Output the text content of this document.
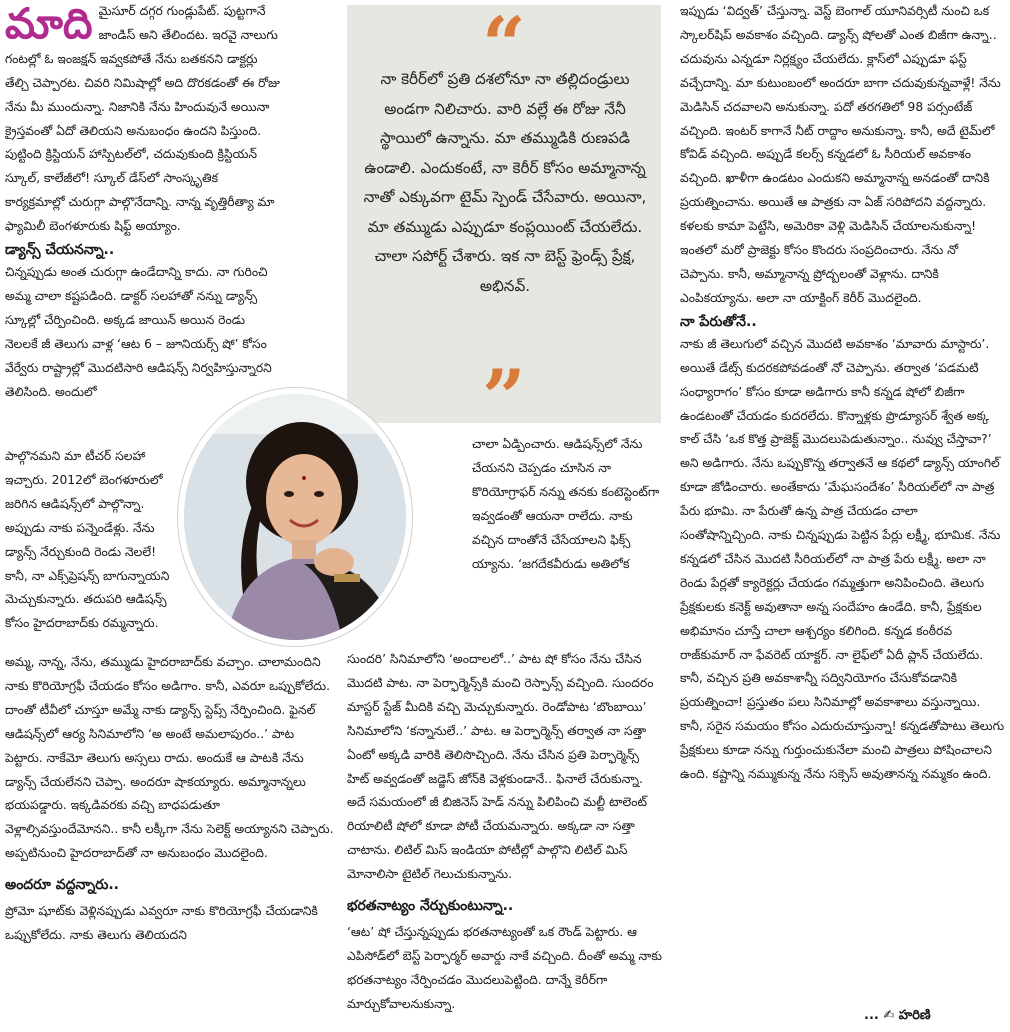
మాది మైసూర్ దగ్గర గుండ్లుపేట్. పుట్టగానే జాండిస్ అని తేలిందట. ఇరవై నాలుగు గంటల్లో ఓ ఇంజక్షన్ ఇవ్వకపోతే నేను బతకనని డాక్టర్లు తేల్చి చెప్పారట. చివరి నిమిషాల్లో అది దొరకడంతో ఈ రోజు నేను మీ ముందున్నా. నిజానికి నేను హిందువునే అయినా క్రైస్తవంతో ఏదో తెలియని అనుబంధం ఉందని పిస్తుంది. పుట్టింది క్రిస్టియన్ హాస్పిటల్‌లో, చదువుకుంది క్రిస్టియన్ స్కూల్, కాలేజీలో! స్కూల్ డేస్‌లో సాంస్కృతిక కార్యక్రమాల్లో చురుగ్గా పాల్గొనేదాన్ని. నాన్న వృత్తిరీత్యా మా ఫ్యామిలీ బెంగళూరుకు షిఫ్ట్ అయ్యాం.

డ్యాన్స్ చేయనన్నా..

చిన్నప్పుడు అంత చురుగ్గా ఉండేదాన్ని కాదు. నా గురించి అమ్మ చాలా కష్టపడింది. డాక్టర్ సలహాతో నన్ను డ్యాన్స్ స్కూల్లో చేర్పించింది. అక్కడ జాయిన్ అయిన రెండు నెలలకే జీ తెలుగు వాళ్ల ‘ఆట 6 – జూనియర్స్ షో’ కోసం వేర్వేరు రాష్ట్రాల్లో మొదటిసారి ఆడిషన్స్ నిర్వహిస్తున్నారని తెలిసింది. అందులో

పాల్గొనమని మా టీచర్ సలహా ఇచ్చారు. 2012లో బెంగళూరులో జరిగిన ఆడిషన్స్‌లో పాల్గొన్నా. అప్పుడు నాకు పన్నెండేళ్లు. నేను డ్యాన్స్ నేర్చుకుంది రెండు నెలలే! కానీ, నా ఎక్స్‌ప్రెషన్స్ బాగున్నాయని మెచ్చుకున్నారు. తదుపరి ఆడిషన్స్ కోసం హైదరాబాద్‌కు రమ్మన్నారు.

అమ్మ, నాన్న, నేను, తమ్ముడు హైదరాబాద్‌కు వచ్చాం. చాలామందిని నాకు కొరియోగ్రఫీ చేయడం కోసం అడిగాం. కానీ, ఎవరూ ఒప్పుకోలేదు. దాంతో టీవీలో చూస్తూ అమ్మే నాకు డ్యాన్స్ స్టెప్స్ నేర్పించింది. ఫైనల్ ఆడిషన్స్‌లో ఆర్య సినిమాలోని ‘అ అంటే అమలాపురం..’ పాట పెట్టారు. నాకేమో తెలుగు అస్సలు రాదు. అందుకే ఆ పాటకి నేను డ్యాన్స్ చేయలేనని చెప్పా. అందరూ షాకయ్యారు. అమ్మానాన్నలు భయపడ్డారు. ఇక్కడివరకు వచ్చి బాధపడుతూ వెళ్లాల్సివస్తుందేమోనని.. కానీ లక్కీగా నేను సెలెక్ట్ అయ్యానని చెప్పారు. అప్పటినుంచి హైదరాబాద్‌తో నా అనుబంధం మొదలైంది.

అందరూ వద్దన్నారు..

ప్రోమో షూట్‌కు వెళ్లినప్పుడు ఎవ్వరూ నాకు కొరియోగ్రఫీ చేయడానికి ఒప్పుకోలేదు. నాకు తెలుగు తెలియదని

“
నా కెరీర్‌లో ప్రతి దశలోనూ నా తల్లిదండ్రులు అండగా నిలిచారు. వారి వల్లే ఈ రోజు నేనీ స్థాయిలో ఉన్నాను. మా తమ్ముడికి రుణపడి ఉండాలి. ఎందుకంటే, నా కెరీర్ కోసం అమ్మానాన్న నాతో ఎక్కువగా టైమ్ స్పెండ్ చేసేవారు. అయినా, మా తమ్ముడు ఎప్పుడూ కంప్లయింట్ చేయలేదు. చాలా సపోర్ట్ చేశారు. ఇక నా బెస్ట్ ఫ్రెండ్స్ ప్రేక్ష, అభినవ్.
”
చాలా ఏడ్పించారు. ఆడిషన్స్‌లో నేను చేయనని చెప్పడం చూసిన నా కొరియోగ్రాఫర్ నన్ను తనకు కంటెస్టెంట్‌గా ఇవ్వడంతో ఆయనా రాలేదు. నాకు వచ్చిన దాంతోనే చేసేయాలని ఫిక్స్ య్యాను. ‘జగదేకవీరుడు అతిలోక

సుందరి’ సినిమాలోని ‘అందాలలో..’ పాట షో కోసం నేను చేసిన మొదటి పాట. నా పెర్ఫార్మెన్స్‌కి మంచి రెస్పాన్స్ వచ్చింది. సుందరం మాస్టర్ స్టేజ్ మీదికి వచ్చి మెచ్చుకున్నారు. రెండోపాట ‘బొంబాయి’ సినిమాలోని ‘కన్నానులే..’ పాట. ఆ పెర్ఫార్మెన్స్ తర్వాత నా సత్తా ఏంటో అక్కడి వారికి తెలిసొచ్చింది. నేను చేసిన ప్రతి పెర్ఫార్మెన్స్ హిట్ అవ్వడంతో జడ్జెస్ జోన్‌కి వెళ్లకుండానే.. ఫినాలే చేరుకున్నా. అదే సమయంలో జీ బిజినెస్ హెడ్ నన్ను పిలిపించి మల్టీ టాలెంట్ రియాలిటీ షోలో కూడా పోటీ చేయమన్నారు. అక్కడా నా సత్తా చాటాను. లిటిల్ మిస్ ఇండియా పోటీల్లో పాల్గొని లిటిల్ మిస్ మోనాలిసా టైటిల్ గెలుచుకున్నాను.

భరతనాట్యం నేర్చుకుంటున్నా..

‘ఆట’ షో చేస్తున్నప్పుడు భరతనాట్యంతో ఒక రౌండ్ పెట్టారు. ఆ ఎపిసోడ్‌లో బెస్ట్ పెర్ఫార్మర్ అవార్డు నాకే వచ్చింది. దీంతో అమ్మ నాకు భరతనాట్యం నేర్పించడం మొదలుపెట్టింది. దాన్నే కెరీర్‌గా మార్చుకోవాలనుకున్నా.

ఇప్పుడు ‘విద్వత్’ చేస్తున్నా. వెస్ట్ బెంగాల్ యూనివర్సిటీ నుంచి ఒక స్కాలర్‌షిప్ అవకాశం వచ్చింది. డ్యాన్స్ షోలతో ఎంత బిజీగా ఉన్నా.. చదువును ఎన్నడూ నిర్లక్ష్యం చేయలేదు. క్లాస్‌లో ఎప్పుడూ ఫస్ట్ వచ్చేదాన్ని. మా కుటుంబంలో అందరూ బాగా చదువుకున్నవాళ్లే! నేను మెడిసిన్ చదవాలని అనుకున్నా. పదో తరగతిలో 98 పర్సంటేజ్ వచ్చింది. ఇంటర్ కాగానే నీట్ రాద్దాం అనుకున్నా. కానీ, అదే టైమ్‌లో కోవిడ్ వచ్చింది. అప్పుడే కలర్స్ కన్నడలో ఓ సీరియల్ అవకాశం వచ్చింది. ఖాళీగా ఉండటం ఎందుకని అమ్మానాన్న అనడంతో దానికి ప్రయత్నించాను. అయితే ఆ పాత్రకు నా ఏజ్ సరిపోదని వద్దన్నారు. కళలకు కామా పెట్టేసి, అమెరికా వెళ్లి మెడిసిన్ చేయాలనుకున్నా! ఇంతలో మరో ప్రాజెక్టు కోసం కొందరు సంప్రదించారు. నేను నో చెప్పాను. కానీ, అమ్మానాన్న ప్రోద్బలంతో వెళ్లాను. దానికి ఎంపికయ్యాను. అలా నా యాక్టింగ్ కెరీర్ మొదలైంది.

నా పేరుతోనే..

నాకు జీ తెలుగులో వచ్చిన మొదటి అవకాశం ‘మావారు మాస్టారు’. అయితే డేట్స్ కుదరకపోవడంతో నో చెప్పాను. తర్వాత ‘పడమటి సంధ్యారాగం’ కోసం కూడా అడిగారు కానీ కన్నడ షోలో బిజీగా ఉండటంతో చేయడం కుదరలేదు. కొన్నాళ్లకు ప్రొడ్యూసర్ శ్వేత అక్క కాల్ చేసి ‘ఒక కొత్త ప్రాజెక్ట్ మొదలుపెడుతున్నాం.. నువ్వు చేస్తావా?’ అని అడిగారు. నేను ఒప్పుకొన్న తర్వాతనే ఆ కథలో డ్యాన్స్ యాంగిల్ కూడా జోడించారు. అంతేకాదు ‘మేఘసందేశం’ సీరియల్‌లో నా పాత్ర పేరు భూమి. నా పేరుతో ఉన్న పాత్ర చేయడం చాలా సంతోషాన్నిచ్చింది. నాకు చిన్నప్పుడు పెట్టిన పేర్లు లక్ష్మీ, భూమిక. నేను కన్నడలో చేసిన మొదటి సీరియల్‌లో నా పాత్ర పేరు లక్ష్మీ. అలా నా రెండు పేర్లతో క్యారెక్టర్లు చేయడం గమ్మత్తుగా అనిపించింది. తెలుగు ప్రేక్షకులకు కనెక్ట్ అవుతానా అన్న సందేహం ఉండేది. కానీ, ప్రేక్షకుల అభిమానం చూస్తే చాలా ఆశ్చర్యం కలిగింది. కన్నడ కంఠీరవ రాజ్‌కుమార్ నా ఫేవరెట్ యాక్టర్. నా లైఫ్‌లో ఏదీ ప్లాన్ చేయలేదు. కానీ, వచ్చిన ప్రతి అవకాశాన్నీ సద్వినియోగం చేసుకోవడానికి ప్రయత్నించా! ప్రస్తుతం పలు సినిమాల్లో అవకాశాలు వస్తున్నాయి. కానీ, సరైన సమయం కోసం ఎదురుచూస్తున్నా! కన్నడతోపాటు తెలుగు ప్రేక్షకులు కూడా నన్ను గుర్తుంచుకునేలా మంచి పాత్రలు పోషించాలని ఉంది. కష్టాన్ని నమ్ముకున్న నేను సక్సెస్ అవుతానన్న నమ్మకం ఉంది.

... ✍ హరిణి
